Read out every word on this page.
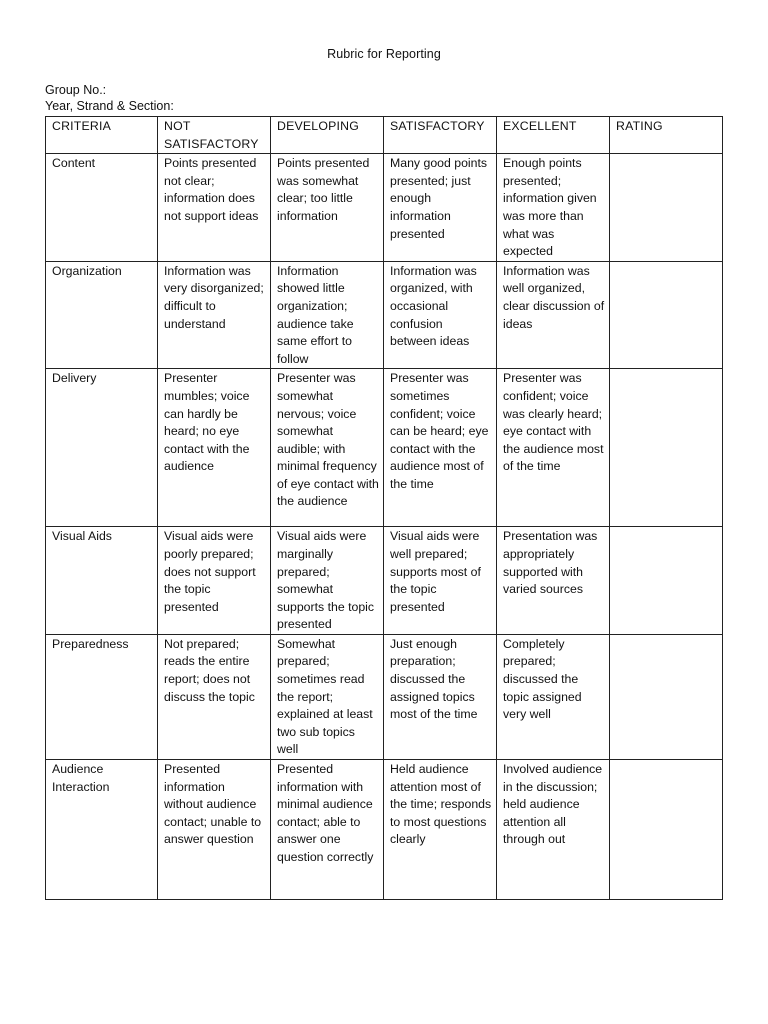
Rubric for Reporting
Group No.:
Year, Strand & Section:
CRITERIA	NOT SATISFACTORY	DEVELOPING	SATISFACTORY	EXCELLENT	RATING
Content	Points presented not clear; information does not support ideas	Points presented was somewhat clear; too little information	Many good points presented; just enough information presented	Enough points presented; information given was more than what was expected	
Organization	Information was very disorganized; difficult to understand	Information showed little organization; audience take same effort to follow	Information was organized, with occasional confusion between ideas	Information was well organized, clear discussion of ideas	
Delivery	Presenter mumbles; voice can hardly be heard; no eye contact with the audience	Presenter was somewhat nervous; voice somewhat audible; with minimal frequency of eye contact with the audience	Presenter was sometimes confident; voice can be heard; eye contact with the audience most of the time	Presenter was confident; voice was clearly heard; eye contact with the audience most of the time	
Visual Aids	Visual aids were poorly prepared; does not support the topic presented	Visual aids were marginally prepared; somewhat supports the topic presented	Visual aids were well prepared; supports most of the topic presented	Presentation was appropriately supported with varied sources	
Preparedness	Not prepared; reads the entire report; does not discuss the topic	Somewhat prepared; sometimes read the report; explained at least two sub topics well	Just enough preparation; discussed the assigned topics most of the time	Completely prepared; discussed the topic assigned very well	
Audience Interaction	Presented information without audience contact; unable to answer question	Presented information with minimal audience contact; able to answer one question correctly	Held audience attention most of the time; responds to most questions clearly	Involved audience in the discussion; held audience attention all through out	
